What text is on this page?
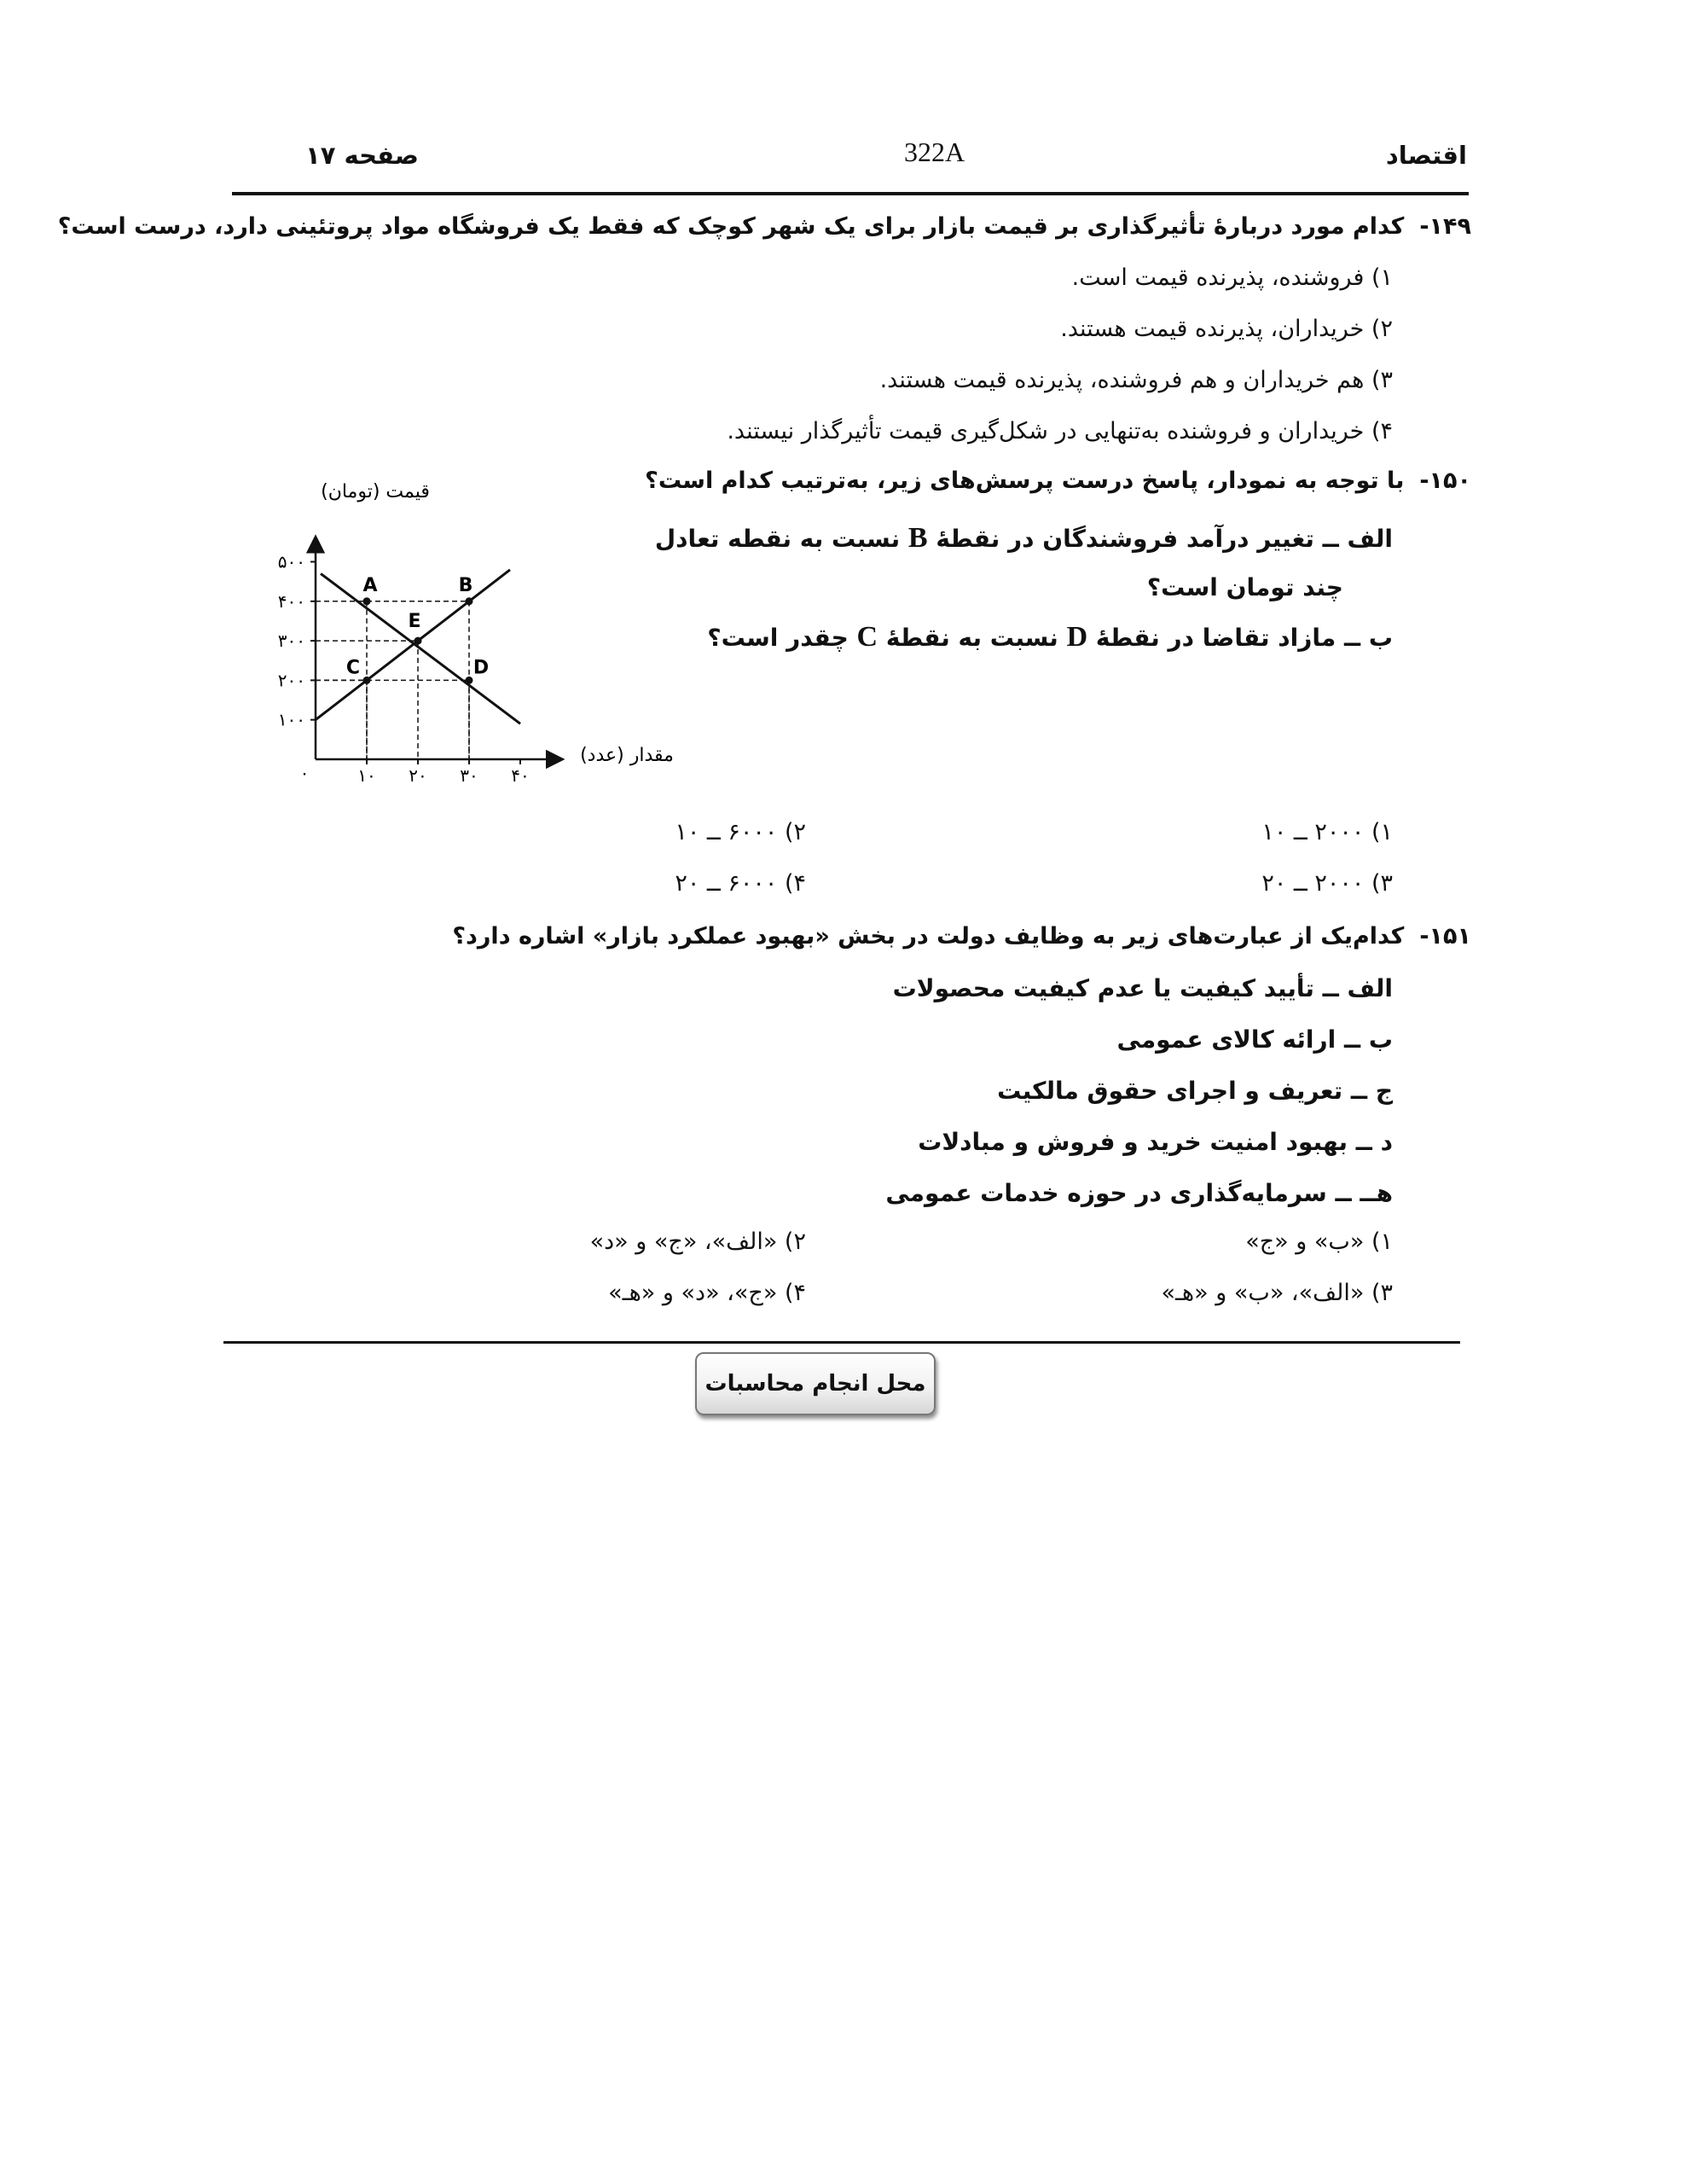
اقتصاد
322A
صفحه ۱۷
۱۴۹-کدام مورد دربارهٔ تأثیرگذاری بر قیمت بازار برای یک شهر کوچک که فقط یک فروشگاه مواد پروتئینی دارد، درست است؟
۱) فروشنده، پذیرنده قیمت است.
۲) خریداران، پذیرنده قیمت هستند.
۳) هم خریداران و هم فروشنده، پذیرنده قیمت هستند.
۴) خریداران و فروشنده به‌تنهایی در شکل‌گیری قیمت تأثیرگذار نیستند.
۱۵۰-با توجه به نمودار، پاسخ درست پرسش‌های زیر، به‌ترتیب کدام است؟
الف ــ تغییر درآمد فروشندگان در نقطهٔ B نسبت به نقطه تعادل
چند تومان است؟
ب ــ مازاد تقاضا در نقطهٔ D نسبت به نقطهٔ C چقدر است؟
قیمت (تومان)
مقدار (عدد)
۰
۱۰۰
۲۰۰
۳۰۰
۴۰۰
۵۰۰
۱۰ ۲۰ ۳۰ ۴۰
A	B
E
C	D
۱) ۲۰۰۰ ــ ۱۰
۲) ۶۰۰۰ ــ ۱۰
۳) ۲۰۰۰ ــ ۲۰
۴) ۶۰۰۰ ــ ۲۰
۱۵۱-کدام‌یک از عبارت‌های زیر به وظایف دولت در بخش «بهبود عملکرد بازار» اشاره دارد؟
الف ــ تأیید کیفیت یا عدم کیفیت محصولات
ب ــ ارائه کالای عمومی
ج ــ تعریف و اجرای حقوق مالکیت
د ــ بهبود امنیت خرید و فروش و مبادلات
هــ ــ سرمایه‌گذاری در حوزه خدمات عمومی
۱) «ب» و «ج»
۲) «الف»، «ج» و «د»
۳) «الف»، «ب» و «هـ»
۴) «ج»، «د» و «هـ»
محل انجام محاسبات
